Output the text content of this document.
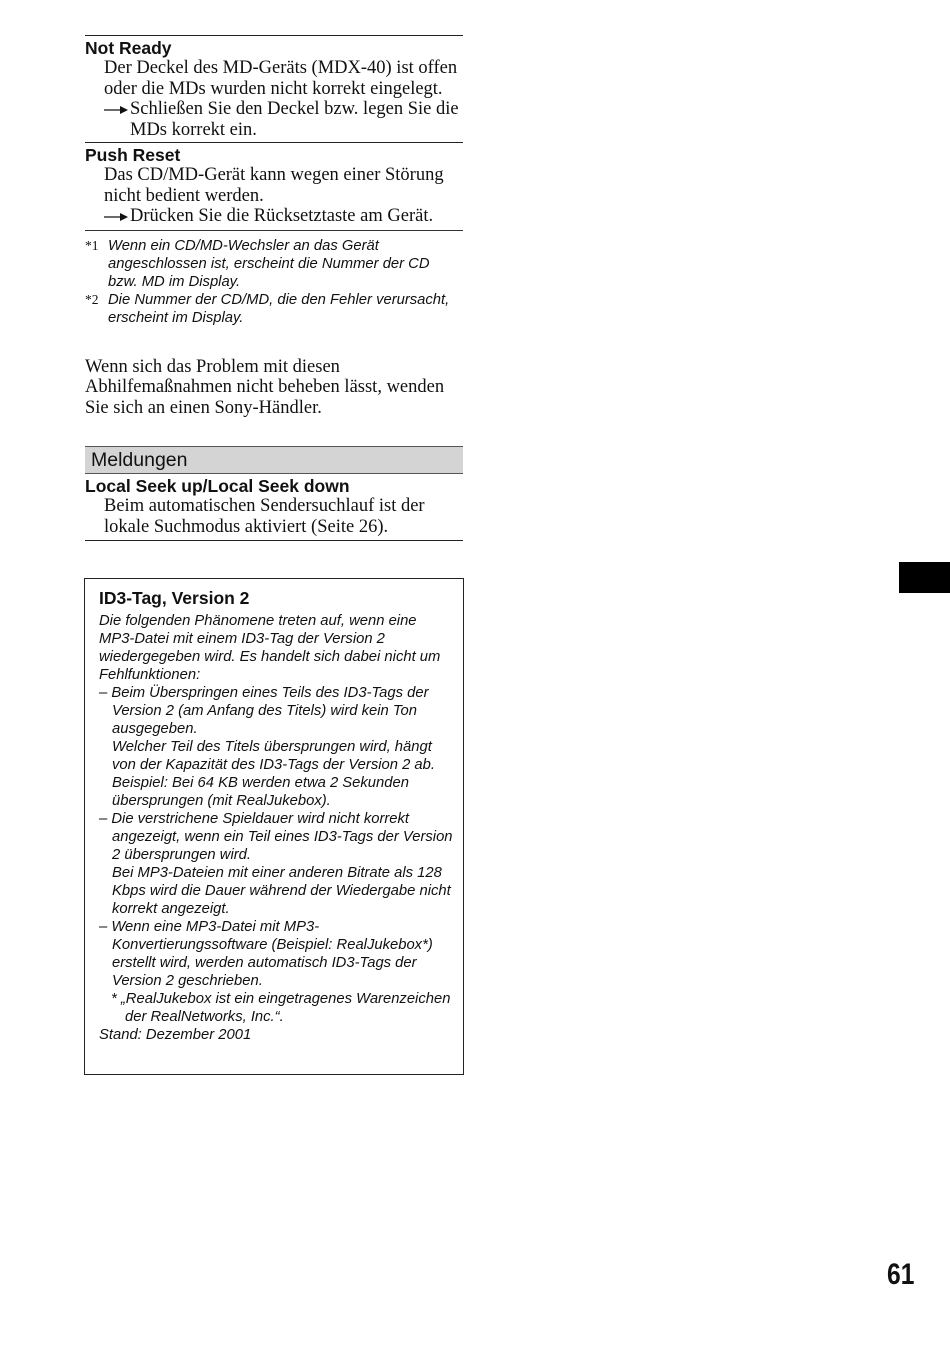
Not Ready
Der Deckel des MD-Geräts (MDX-40) ist offen oder die MDs wurden nicht korrekt eingelegt.
Schließen Sie den Deckel bzw. legen Sie die MDs korrekt ein.
Push Reset
Das CD/MD-Gerät kann wegen einer Störung nicht bedient werden.
Drücken Sie die Rücksetztaste am Gerät.
*1 Wenn ein CD/MD-Wechsler an das Gerät angeschlossen ist, erscheint die Nummer der CD bzw. MD im Display.
*2 Die Nummer der CD/MD, die den Fehler verursacht, erscheint im Display.
Wenn sich das Problem mit diesen Abhilfemaßnahmen nicht beheben lässt, wenden Sie sich an einen Sony-Händler.
Meldungen
Local Seek up/Local Seek down
Beim automatischen Sendersuchlauf ist der lokale Suchmodus aktiviert (Seite 26).
ID3-Tag, Version 2
Die folgenden Phänomene treten auf, wenn eine MP3-Datei mit einem ID3-Tag der Version 2 wiedergegeben wird. Es handelt sich dabei nicht um Fehlfunktionen:
– Beim Überspringen eines Teils des ID3-Tags der Version 2 (am Anfang des Titels) wird kein Ton ausgegeben.
Welcher Teil des Titels übersprungen wird, hängt von der Kapazität des ID3-Tags der Version 2 ab.
Beispiel: Bei 64 KB werden etwa 2 Sekunden übersprungen (mit RealJukebox).
– Die verstrichene Spieldauer wird nicht korrekt angezeigt, wenn ein Teil eines ID3-Tags der Version 2 übersprungen wird.
Bei MP3-Dateien mit einer anderen Bitrate als 128 Kbps wird die Dauer während der Wiedergabe nicht korrekt angezeigt.
– Wenn eine MP3-Datei mit MP3-Konvertierungssoftware (Beispiel: RealJukebox*) erstellt wird, werden automatisch ID3-Tags der Version 2 geschrieben.
* „RealJukebox ist ein eingetragenes Warenzeichen der RealNetworks, Inc.“.
Stand: Dezember 2001
61
